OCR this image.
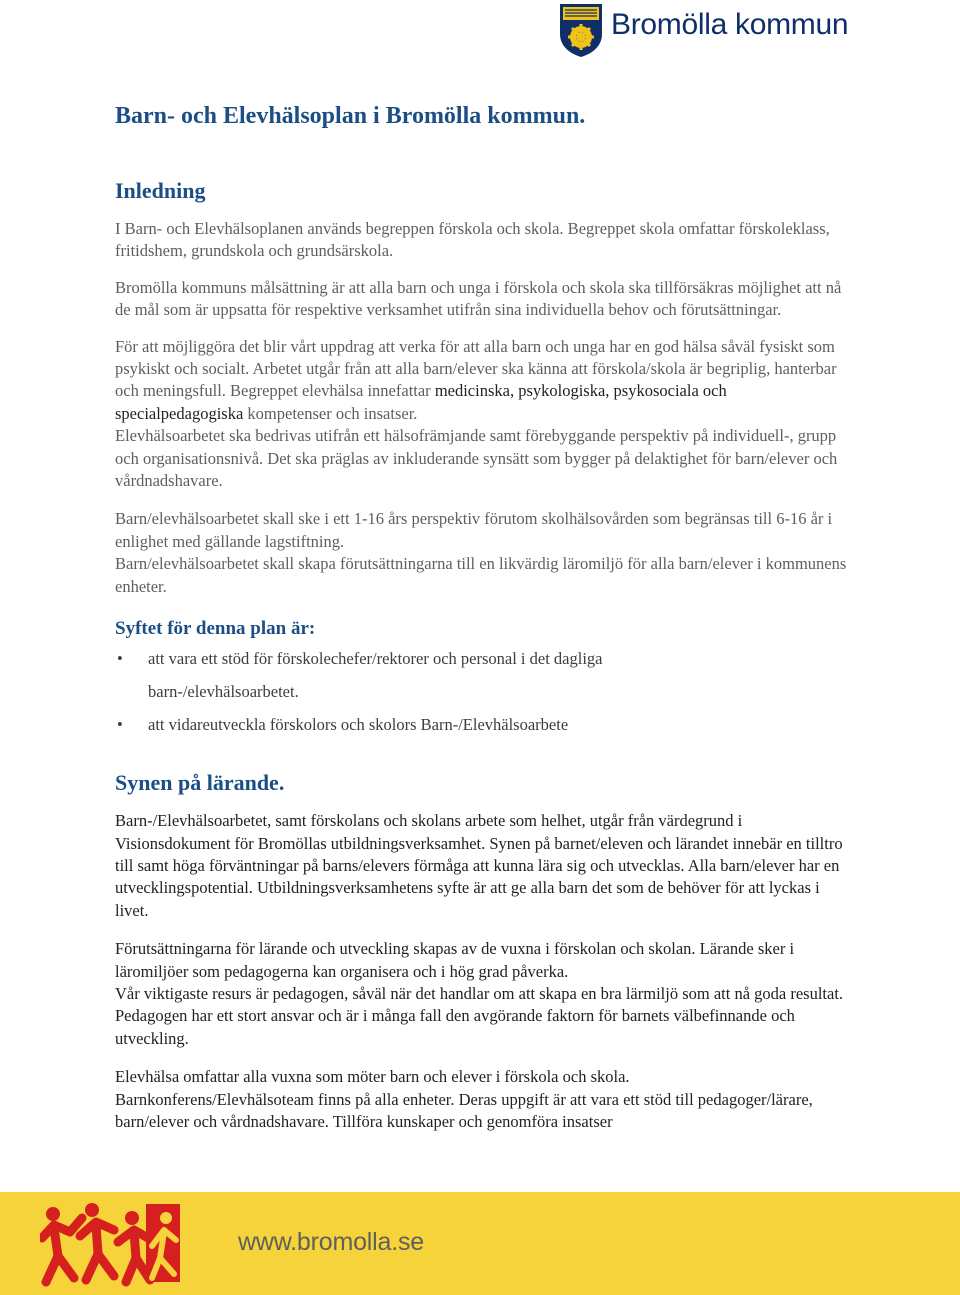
Bromölla kommun
Barn- och Elevhälsoplan i Bromölla kommun.
Inledning

I Barn- och Elevhälsoplanen används begreppen förskola och skola. Begreppet skola omfattar förskoleklass, fritidshem, grundskola och grundsärskola.

Bromölla kommuns målsättning är att alla barn och unga i förskola och skola ska tillförsäkras möjlighet att nå de mål som är uppsatta för respektive verksamhet utifrån sina individuella behov och förutsättningar.

För att möjliggöra det blir vårt uppdrag att verka för att alla barn och unga har en god hälsa såväl fysiskt som psykiskt och socialt. Arbetet utgår från att alla barn/elever ska känna att förskola/skola är begriplig, hanterbar och meningsfull. Begreppet elevhälsa innefattar medicinska, psykologiska, psykosociala och specialpedagogiska kompetenser och insatser.
Elevhälsoarbetet ska bedrivas utifrån ett hälsofrämjande samt förebyggande perspektiv på individuell-, grupp och organisationsnivå. Det ska präglas av inkluderande synsätt som bygger på delaktighet för barn/elever och vårdnadshavare.

Barn/elevhälsoarbetet skall ske i ett 1-16 års perspektiv förutom skolhälsovården som begränsas till 6-16 år i enlighet med gällande lagstiftning.
Barn/elevhälsoarbetet skall skapa förutsättningarna till en likvärdig läromiljö för alla barn/elever i kommunens enheter.

Syftet för denna plan är:
• att vara ett stöd för förskolechefer/rektorer och personal i det dagliga
barn-/elevhälsoarbetet.
• att vidareutveckla förskolors och skolors Barn-/Elevhälsoarbete
Synen på lärande.

Barn-/Elevhälsoarbetet, samt förskolans och skolans arbete som helhet, utgår från värdegrund i Visionsdokument för Bromöllas utbildningsverksamhet. Synen på barnet/eleven och lärandet innebär en tilltro till samt höga förväntningar på barns/elevers förmåga att kunna lära sig och utvecklas. Alla barn/elever har en utvecklingspotential. Utbildningsverksamhetens syfte är att ge alla barn det som de behöver för att lyckas i livet.

Förutsättningarna för lärande och utveckling skapas av de vuxna i förskolan och skolan. Lärande sker i läromiljöer som pedagogerna kan organisera och i hög grad påverka.
Vår viktigaste resurs är pedagogen, såväl när det handlar om att skapa en bra lärmiljö som att nå goda resultat. Pedagogen har ett stort ansvar och är i många fall den avgörande faktorn för barnets välbefinnande och utveckling.

Elevhälsa omfattar alla vuxna som möter barn och elever i förskola och skola.
Barnkonferens/Elevhälsoteam finns på alla enheter. Deras uppgift är att vara ett stöd till pedagoger/lärare, barn/elever och vårdnadshavare. Tillföra kunskaper och genomföra insatser

www.bromolla.se
